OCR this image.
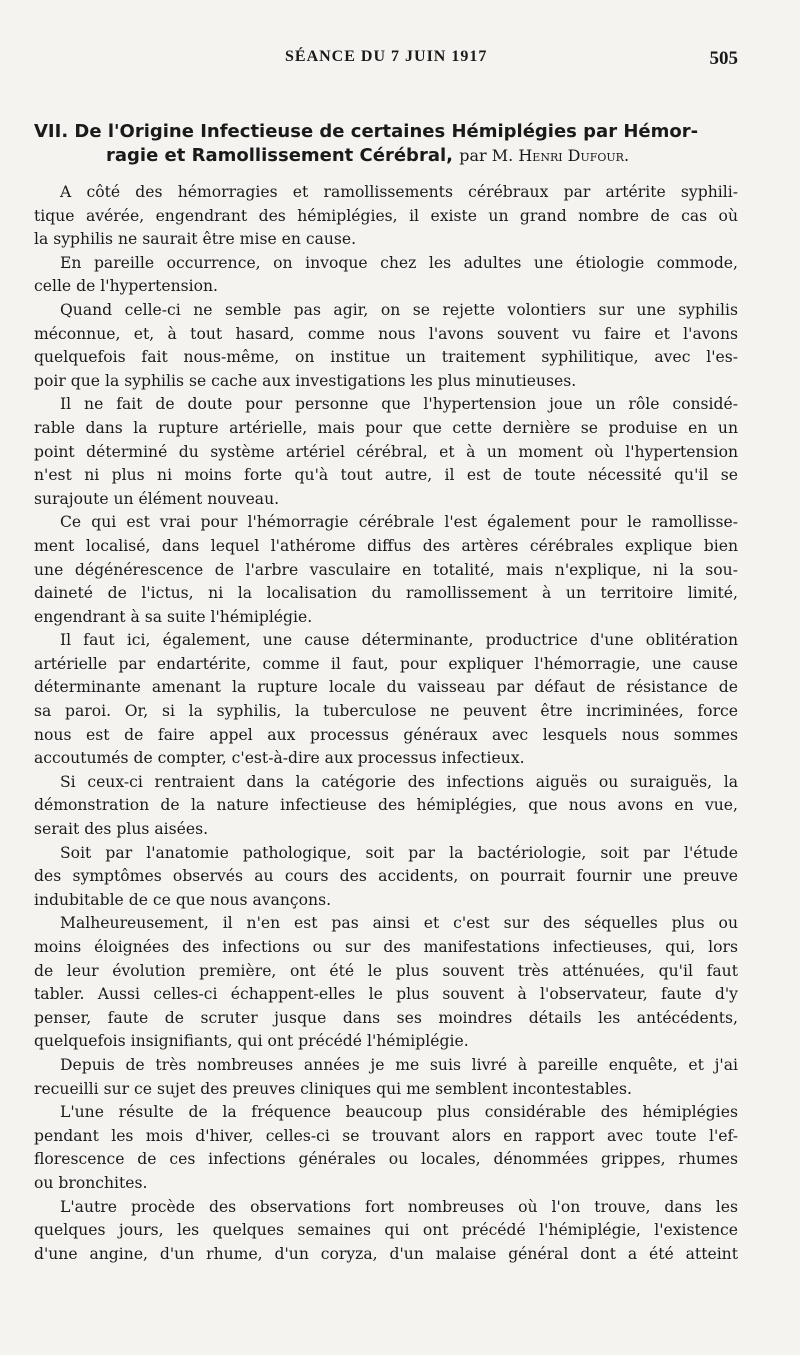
SÉANCE DU 7 JUIN 1917	505
VII. De l'Origine Infectieuse de certaines Hémiplégies par Hémor-
ragie et Ramollissement Cérébral, par M. Henri Dufour.
A côté des hémorragies et ramollissements cérébraux par artérite syphili-
tique avérée, engendrant des hémiplégies, il existe un grand nombre de cas où
la syphilis ne saurait être mise en cause.
En pareille occurrence, on invoque chez les adultes une étiologie commode,
celle de l'hypertension.
Quand celle-ci ne semble pas agir, on se rejette volontiers sur une syphilis
méconnue, et, à tout hasard, comme nous l'avons souvent vu faire et l'avons
quelquefois fait nous-même, on institue un traitement syphilitique, avec l'es-
poir que la syphilis se cache aux investigations les plus minutieuses.
Il ne fait de doute pour personne que l'hypertension joue un rôle considé-
rable dans la rupture artérielle, mais pour que cette dernière se produise en un
point déterminé du système artériel cérébral, et à un moment où l'hypertension
n'est ni plus ni moins forte qu'à tout autre, il est de toute nécessité qu'il se
surajoute un élément nouveau.
Ce qui est vrai pour l'hémorragie cérébrale l'est également pour le ramollisse-
ment localisé, dans lequel l'athérome diffus des artères cérébrales explique bien
une dégénérescence de l'arbre vasculaire en totalité, mais n'explique, ni la sou-
daineté de l'ictus, ni la localisation du ramollissement à un territoire limité,
engendrant à sa suite l'hémiplégie.
Il faut ici, également, une cause déterminante, productrice d'une oblitération
artérielle par endartérite, comme il faut, pour expliquer l'hémorragie, une cause
déterminante amenant la rupture locale du vaisseau par défaut de résistance de
sa paroi. Or, si la syphilis, la tuberculose ne peuvent être incriminées, force
nous est de faire appel aux processus généraux avec lesquels nous sommes
accoutumés de compter, c'est-à-dire aux processus infectieux.
Si ceux-ci rentraient dans la catégorie des infections aiguës ou suraiguës, la
démonstration de la nature infectieuse des hémiplégies, que nous avons en vue,
serait des plus aisées.
Soit par l'anatomie pathologique, soit par la bactériologie, soit par l'étude
des symptômes observés au cours des accidents, on pourrait fournir une preuve
indubitable de ce que nous avançons.
Malheureusement, il n'en est pas ainsi et c'est sur des séquelles plus ou
moins éloignées des infections ou sur des manifestations infectieuses, qui, lors
de leur évolution première, ont été le plus souvent très atténuées, qu'il faut
tabler. Aussi celles-ci échappent-elles le plus souvent à l'observateur, faute d'y
penser, faute de scruter jusque dans ses moindres détails les antécédents,
quelquefois insignifiants, qui ont précédé l'hémiplégie.
Depuis de très nombreuses années je me suis livré à pareille enquête, et j'ai
recueilli sur ce sujet des preuves cliniques qui me semblent incontestables.
L'une résulte de la fréquence beaucoup plus considérable des hémiplégies
pendant les mois d'hiver, celles-ci se trouvant alors en rapport avec toute l'ef-
florescence de ces infections générales ou locales, dénommées grippes, rhumes
ou bronchites.
L'autre procède des observations fort nombreuses où l'on trouve, dans les
quelques jours, les quelques semaines qui ont précédé l'hémiplégie, l'existence
d'une angine, d'un rhume, d'un coryza, d'un malaise général dont a été atteint
